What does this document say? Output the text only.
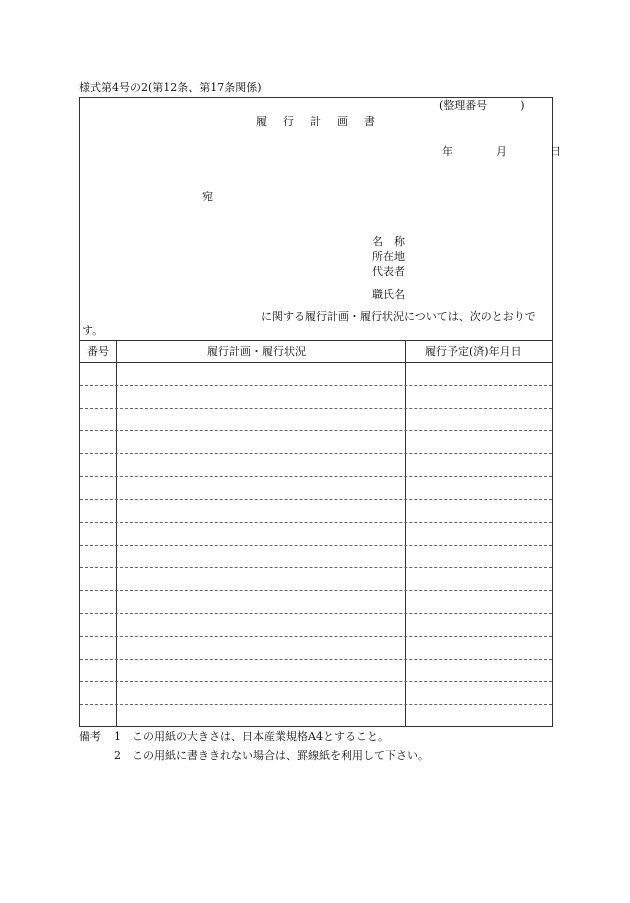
様式第4号の2(第12条、第17条関係)
(整理番号　　　)
履行計画書
年　月　日
宛
名　称
所在地
代表者
職氏名
に関する履行計画・履行状況については、次のとおりで
す。
番号	履行計画・履行状況	履行予定(済)年月日
備考 1 この用紙の大きさは、日本産業規格A4とすること。
2 この用紙に書ききれない場合は、罫線紙を利用して下さい。
